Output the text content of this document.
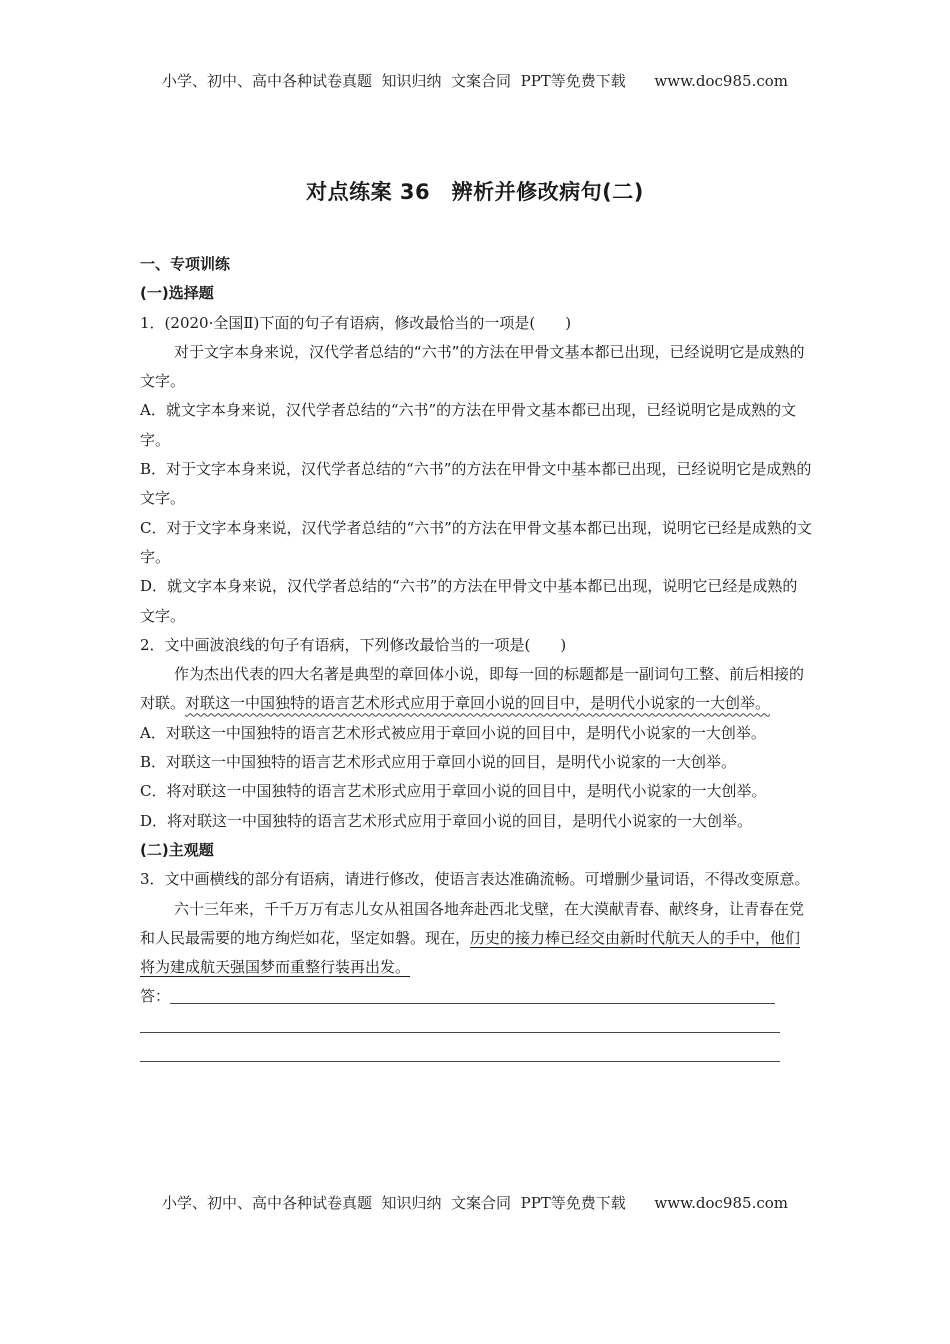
小学、初中、高中各种试卷真题  知识归纳  文案合同  PPT等免费下载      www.doc985.com
对点练案 36　辨析并修改病句(二)

一、专项训练

(一)选择题

1．(2020·全国Ⅱ)下面的句子有语病，修改最恰当的一项是(　　)

对于文字本身来说，汉代学者总结的“六书”的方法在甲骨文基本都已出现，已经说明它是成熟的文字。

A．就文字本身来说，汉代学者总结的“六书”的方法在甲骨文基本都已出现，已经说明它是成熟的文字。

B．对于文字本身来说，汉代学者总结的“六书”的方法在甲骨文中基本都已出现，已经说明它是成熟的文字。

C．对于文字本身来说，汉代学者总结的“六书”的方法在甲骨文基本都已出现，说明它已经是成熟的文字。

D．就文字本身来说，汉代学者总结的“六书”的方法在甲骨文中基本都已出现，说明它已经是成熟的文字。

2．文中画波浪线的句子有语病，下列修改最恰当的一项是(　　)

作为杰出代表的四大名著是典型的章回体小说，即每一回的标题都是一副词句工整、前后相接的对联。对联这一中国独特的语言艺术形式应用于章回小说的回目中，是明代小说家的一大创举。

A．对联这一中国独特的语言艺术形式被应用于章回小说的回目中，是明代小说家的一大创举。

B．对联这一中国独特的语言艺术形式应用于章回小说的回目，是明代小说家的一大创举。

C．将对联这一中国独特的语言艺术形式应用于章回小说的回目中，是明代小说家的一大创举。

D．将对联这一中国独特的语言艺术形式应用于章回小说的回目，是明代小说家的一大创举。

(二)主观题

3．文中画横线的部分有语病，请进行修改，使语言表达准确流畅。可增删少量词语，不得改变原意。

六十三年来，千千万万有志儿女从祖国各地奔赴西北戈壁，在大漠献青春、献终身，让青春在党和人民最需要的地方绚烂如花，坚定如磐。现在，历史的接力棒已经交由新时代航天人的手中，他们将为建成航天强国梦而重整行装再出发。

答：
小学、初中、高中各种试卷真题  知识归纳  文案合同  PPT等免费下载      www.doc985.com
